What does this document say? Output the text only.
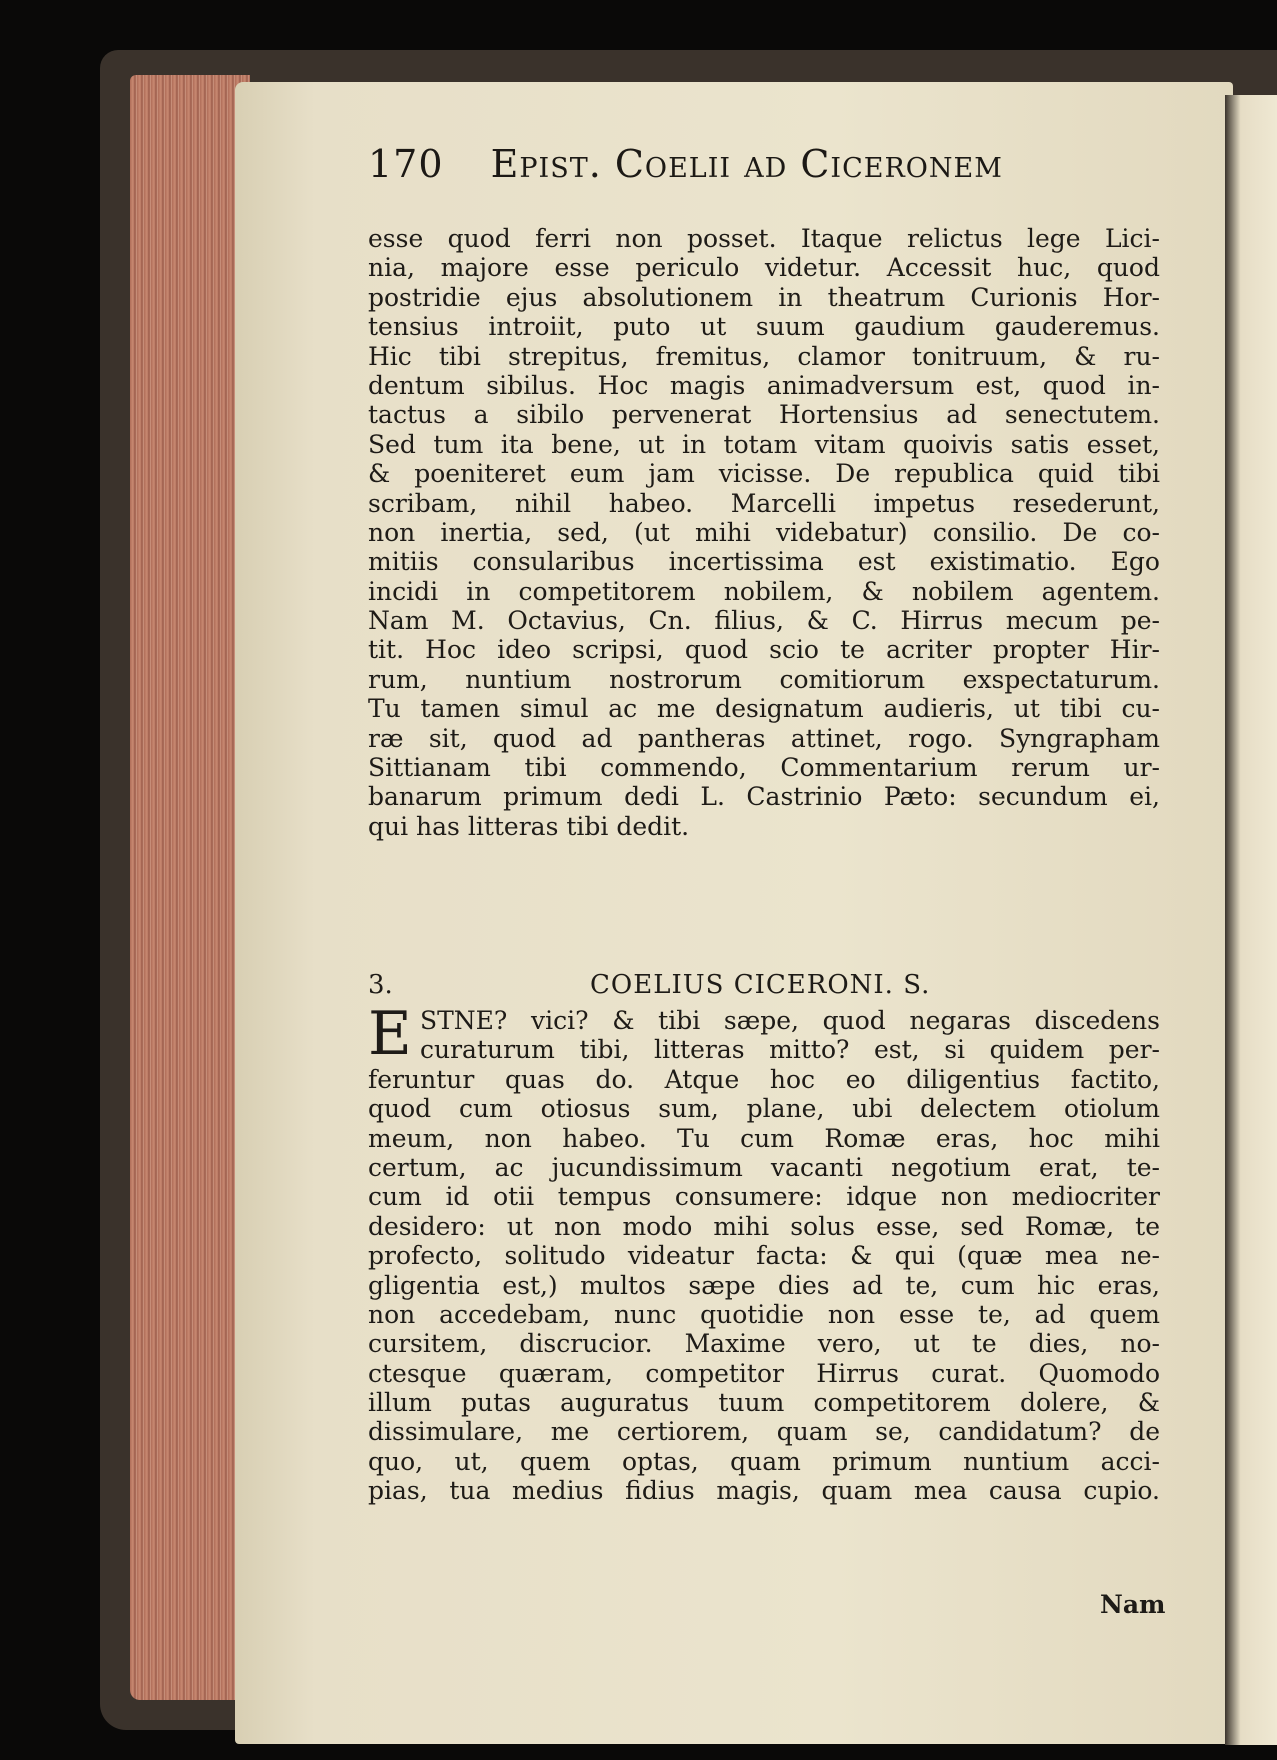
170 Epist. Coelii ad Ciceronem
esse quod ferri non posset. Itaque relictus lege Lici-
nia, majore esse periculo videtur. Accessit huc, quod
postridie ejus absolutionem in theatrum Curionis Hor-
tensius introiit, puto ut suum gaudium gauderemus.
Hic tibi strepitus, fremitus, clamor tonitruum, & ru-
dentum sibilus. Hoc magis animadversum est, quod in-
tactus a sibilo pervenerat Hortensius ad senectutem.
Sed tum ita bene, ut in totam vitam quoivis satis esset,
& poeniteret eum jam vicisse. De republica quid tibi
scribam, nihil habeo. Marcelli impetus resederunt,
non inertia, sed, (ut mihi videbatur) consilio. De co-
mitiis consularibus incertissima est existimatio. Ego
incidi in competitorem nobilem, & nobilem agentem.
Nam M. Octavius, Cn. filius, & C. Hirrus mecum pe-
tit. Hoc ideo scripsi, quod scio te acriter propter Hir-
rum, nuntium nostrorum comitiorum exspectaturum.
Tu tamen simul ac me designatum audieris, ut tibi cu-
ræ sit, quod ad pantheras attinet, rogo. Syngrapham
Sittianam tibi commendo, Commentarium rerum ur-
banarum primum dedi L. Castrinio Pæto: secundum ei,
qui has litteras tibi dedit.
3.	COELIUS CICERONI. S.
E STNE? vici? & tibi sæpe, quod negaras discedens
curaturum tibi, litteras mitto? est, si quidem per-
feruntur quas do. Atque hoc eo diligentius factito,
quod cum otiosus sum, plane, ubi delectem otiolum
meum, non habeo. Tu cum Romæ eras, hoc mihi
certum, ac jucundissimum vacanti negotium erat, te-
cum id otii tempus consumere: idque non mediocriter
desidero: ut non modo mihi solus esse, sed Romæ, te
profecto, solitudo videatur facta: & qui (quæ mea ne-
gligentia est,) multos sæpe dies ad te, cum hic eras,
non accedebam, nunc quotidie non esse te, ad quem
cursitem, discrucior. Maxime vero, ut te dies, no-
ctesque quæram, competitor Hirrus curat. Quomodo
illum putas auguratus tuum competitorem dolere, &
dissimulare, me certiorem, quam se, candidatum? de
quo, ut, quem optas, quam primum nuntium acci-
pias, tua medius fidius magis, quam mea causa cupio.
Nam
